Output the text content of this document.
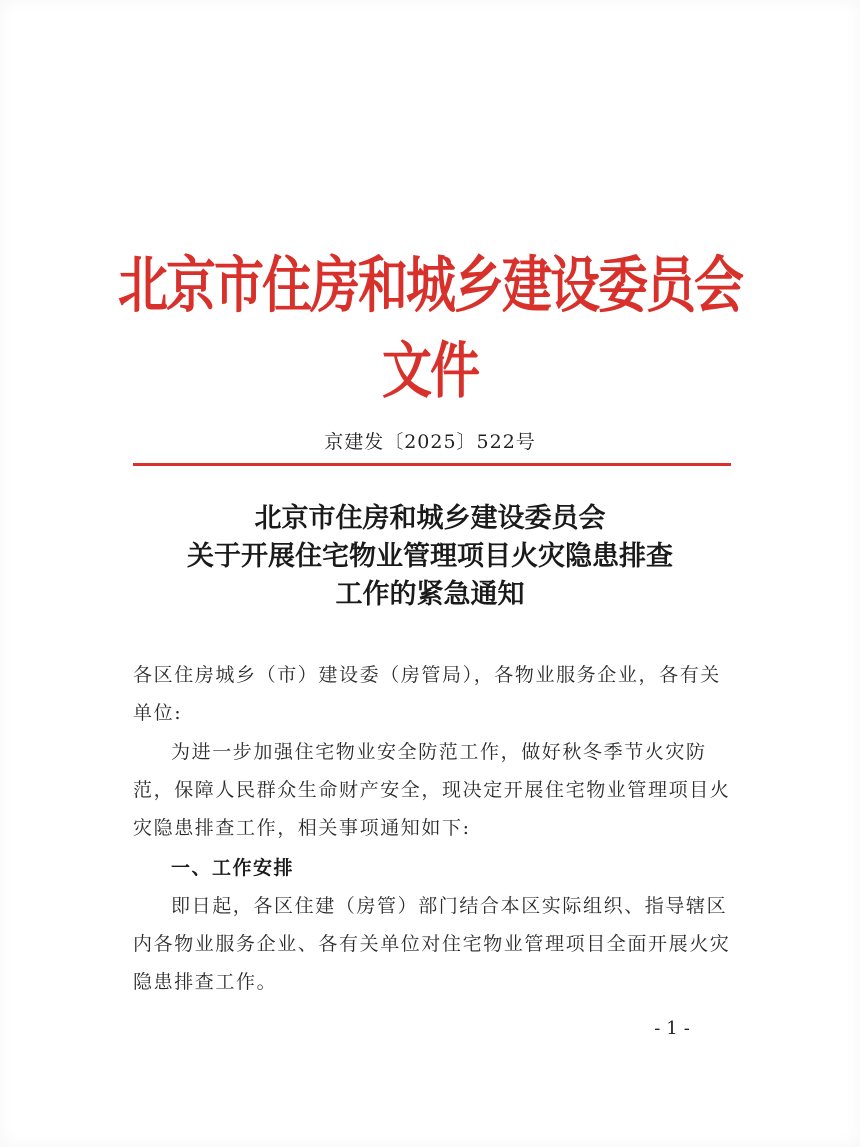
北京市住房和城乡建设委员会文件
京建发〔2025〕522号
北京市住房和城乡建设委员会
关于开展住宅物业管理项目火灾隐患排查
工作的紧急通知
各区住房城乡（市）建设委（房管局），各物业服务企业，各有关单位:
为进一步加强住宅物业安全防范工作，做好秋冬季节火灾防范，保障人民群众生命财产安全，现决定开展住宅物业管理项目火灾隐患排查工作，相关事项通知如下:
一、工作安排
即日起，各区住建（房管）部门结合本区实际组织、指导辖区内各物业服务企业、各有关单位对住宅物业管理项目全面开展火灾隐患排查工作。
-1-
